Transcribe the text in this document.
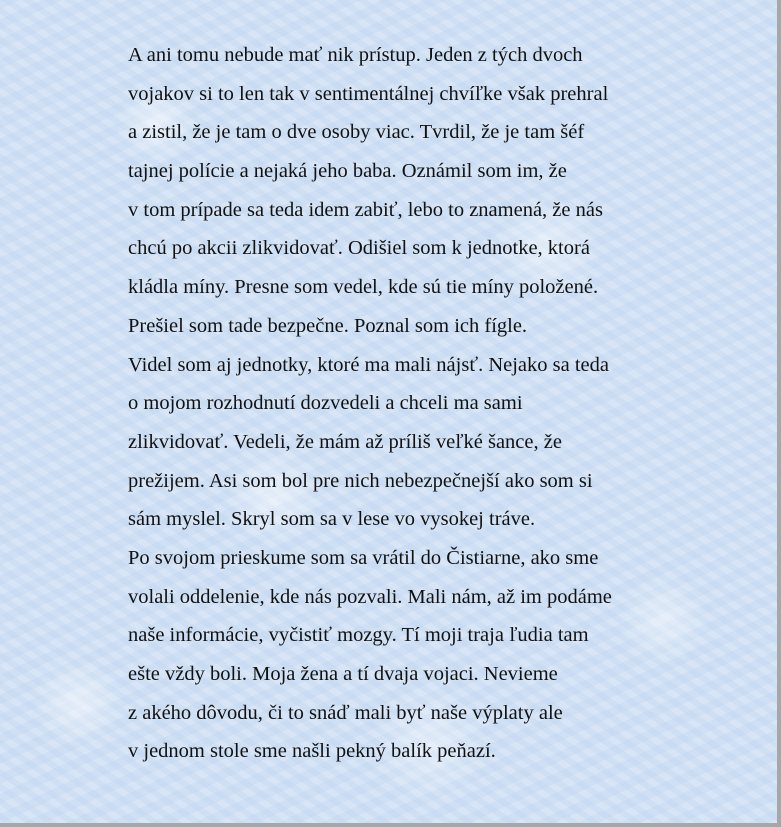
A ani tomu nebude mať nik prístup. Jeden z tých dvoch
vojakov si to len tak v sentimentálnej chvíľke však prehral
a zistil, že je tam o dve osoby viac. Tvrdil, že je tam šéf
tajnej polície a nejaká jeho baba. Oznámil som im, že
v tom prípade sa teda idem zabiť, lebo to znamená, že nás
chcú po akcii zlikvidovať. Odišiel som k jednotke, ktorá
kládla míny. Presne som vedel, kde sú tie míny položené.
Prešiel som tade bezpečne. Poznal som ich fígle.
Videl som aj jednotky, ktoré ma mali nájsť. Nejako sa teda
o mojom rozhodnutí dozvedeli a chceli ma sami
zlikvidovať. Vedeli, že mám až príliš veľké šance, že
prežijem. Asi som bol pre nich nebezpečnejší ako som si
sám myslel. Skryl som sa v lese vo vysokej tráve.
Po svojom prieskume som sa vrátil do Čistiarne, ako sme
volali oddelenie, kde nás pozvali. Mali nám, až im podáme
naše informácie, vyčistiť mozgy. Tí moji traja ľudia tam
ešte vždy boli. Moja žena a tí dvaja vojaci. Nevieme
z akého dôvodu, či to snáď mali byť naše výplaty ale
v jednom stole sme našli pekný balík peňazí.
